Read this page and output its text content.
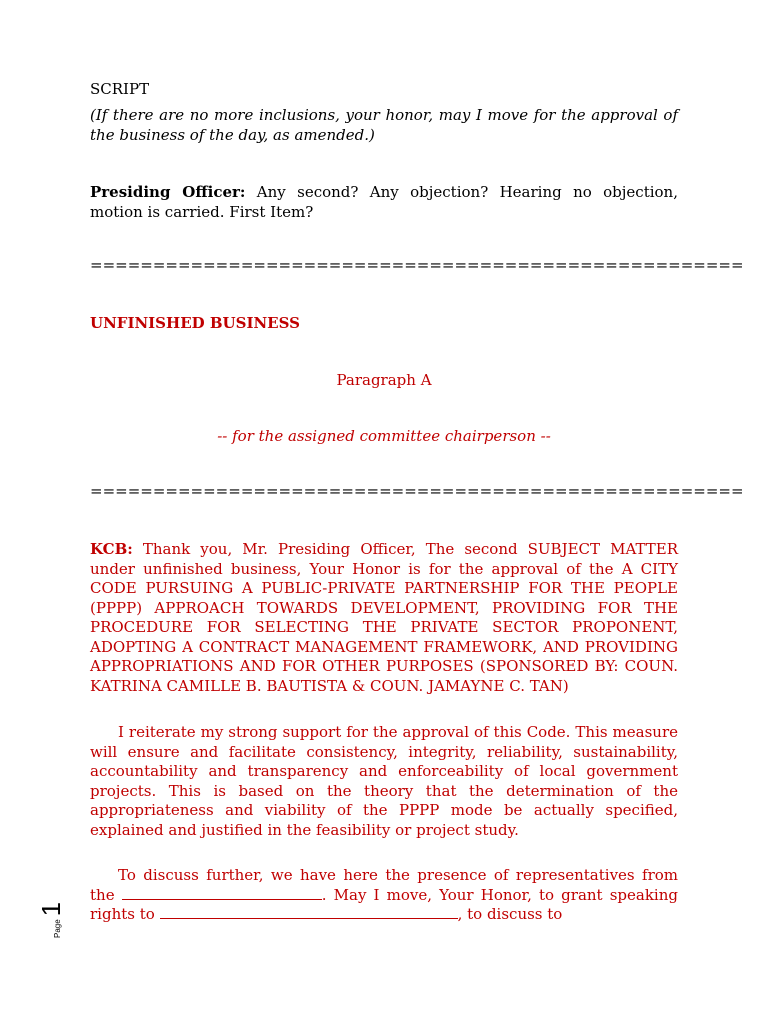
SCRIPT

(If there are no more inclusions, your honor, may I move for the approval of the business of the day, as amended.)

Presiding Officer: Any second? Any objection? Hearing no objection, motion is carried. First Item?

====================================================
UNFINISHED BUSINESS
Paragraph A
-- for the assigned committee chairperson --
====================================================

KCB: Thank you, Mr. Presiding Officer, The second SUBJECT MATTER under unfinished business, Your Honor is for the approval of the A CITY CODE PURSUING A PUBLIC-PRIVATE PARTNERSHIP FOR THE PEOPLE (PPPP) APPROACH TOWARDS DEVELOPMENT, PROVIDING FOR THE PROCEDURE FOR SELECTING THE PRIVATE SECTOR PROPONENT, ADOPTING A CONTRACT MANAGEMENT FRAMEWORK, AND PROVIDING APPROPRIATIONS AND FOR OTHER PURPOSES (SPONSORED BY: COUN. KATRINA CAMILLE B. BAUTISTA & COUN. JAMAYNE C. TAN)

I reiterate my strong support for the approval of this Code. This measure will ensure and facilitate consistency, integrity, reliability, sustainability, accountability and transparency and enforceability of local government projects. This is based on the theory that the determination of the appropriateness and viability of the PPPP mode be actually specified, explained and justified in the feasibility or project study.

To discuss further, we have here the presence of representatives from the	. May I move, Your Honor, to grant speaking rights to	, to discuss to

Page
1
